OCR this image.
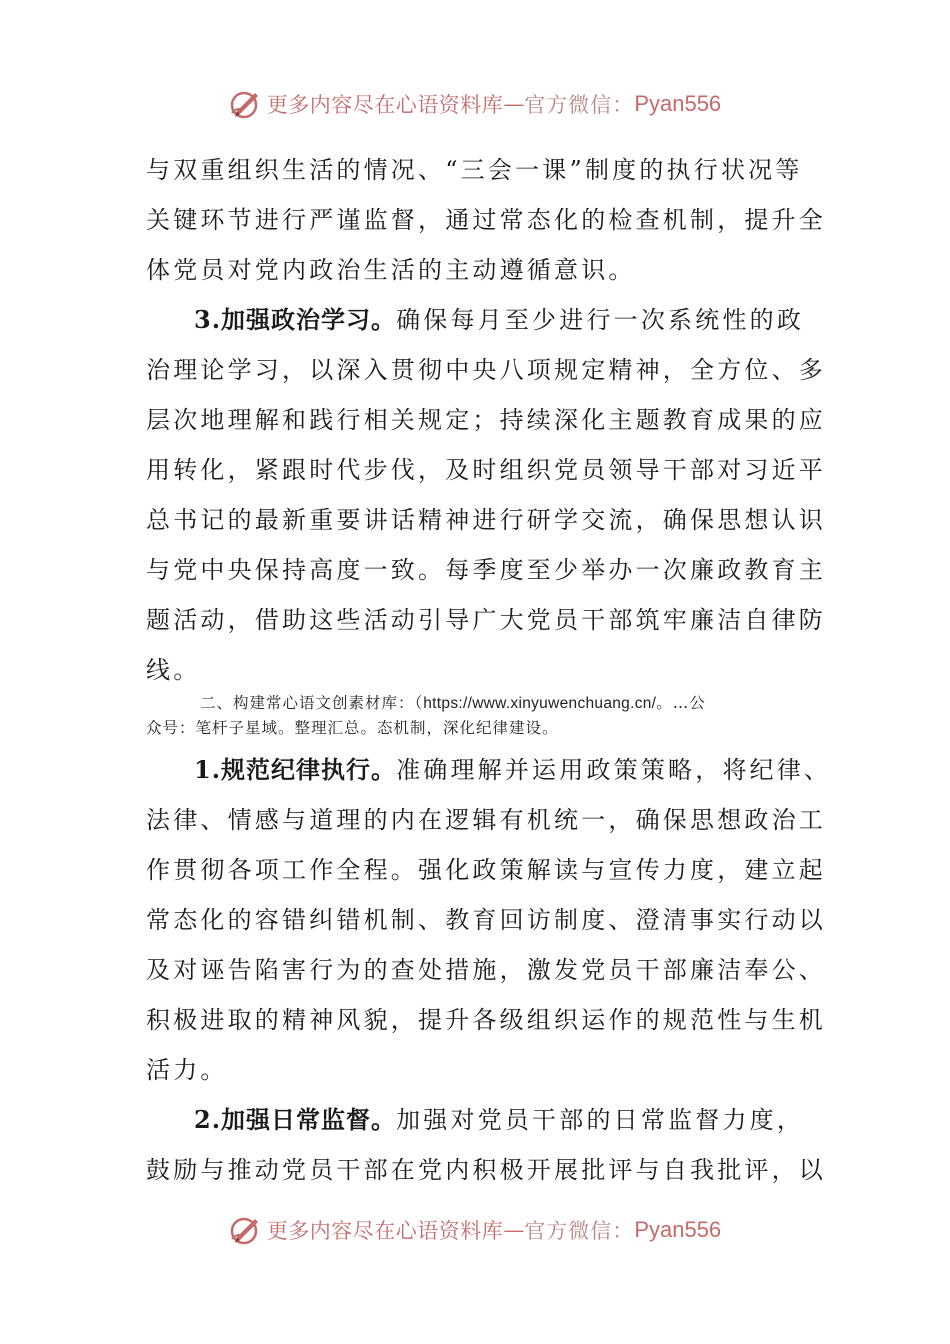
更多内容尽在心语资料库 — 官方微信： Pyan556
与双重组织生活的情况、“三会一课”制度的执行状况等
关键环节进行严谨监督，通过常态化的检查机制，提升全
体党员对党内政治生活的主动遵循意识。
3.加强政治学习。确保每月至少进行一次系统性的政
治理论学习，以深入贯彻中央八项规定精神，全方位、多
层次地理解和践行相关规定；持续深化主题教育成果的应
用转化，紧跟时代步伐，及时组织党员领导干部对习近平
总书记的最新重要讲话精神进行研学交流，确保思想认识
与党中央保持高度一致。每季度至少举办一次廉政教育主
题活动，借助这些活动引导广大党员干部筑牢廉洁自律防
线。
二、构建常心语文创素材库：（https://www.xinyuwenchuang.cn/。…公
众号：笔杆子星域。整理汇总。态机制，深化纪律建设。
1.规范纪律执行。准确理解并运用政策策略，将纪律、
法律、情感与道理的内在逻辑有机统一，确保思想政治工
作贯彻各项工作全程。强化政策解读与宣传力度，建立起
常态化的容错纠错机制、教育回访制度、澄清事实行动以
及对诬告陷害行为的查处措施，激发党员干部廉洁奉公、
积极进取的精神风貌，提升各级组织运作的规范性与生机
活力。
2.加强日常监督。加强对党员干部的日常监督力度，
鼓励与推动党员干部在党内积极开展批评与自我批评，以
更多内容尽在心语资料库 — 官方微信： Pyan556
